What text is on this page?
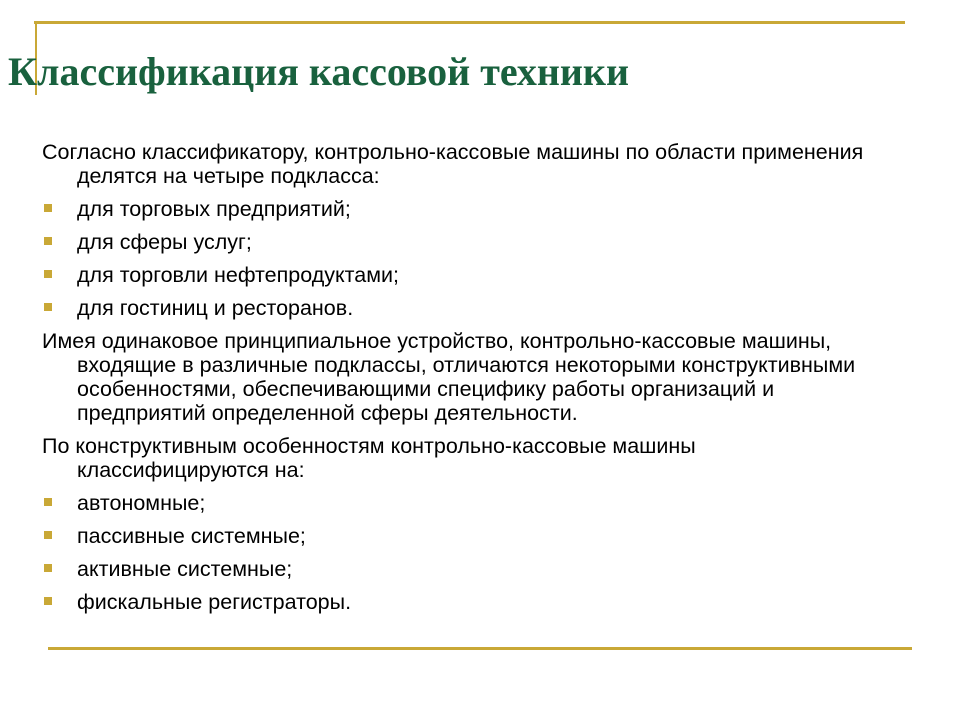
Классификация кассовой техники

Согласно классификатору, контрольно-кассовые машины по области применения делятся на четыре подкласса:

для торговых предприятий;
для сферы услуг;
для торговли нефтепродуктами;
для гостиниц и ресторанов.

Имея одинаковое принципиальное устройство, контрольно-кассовые машины, входящие в различные подклассы, отличаются некоторыми конструктивными особенностями, обеспечивающими специфику работы организаций и предприятий определенной сферы деятельности.

По конструктивным особенностям контрольно-кассовые машины классифицируются на:

автономные;
пассивные системные;
активные системные;
фискальные регистраторы.
